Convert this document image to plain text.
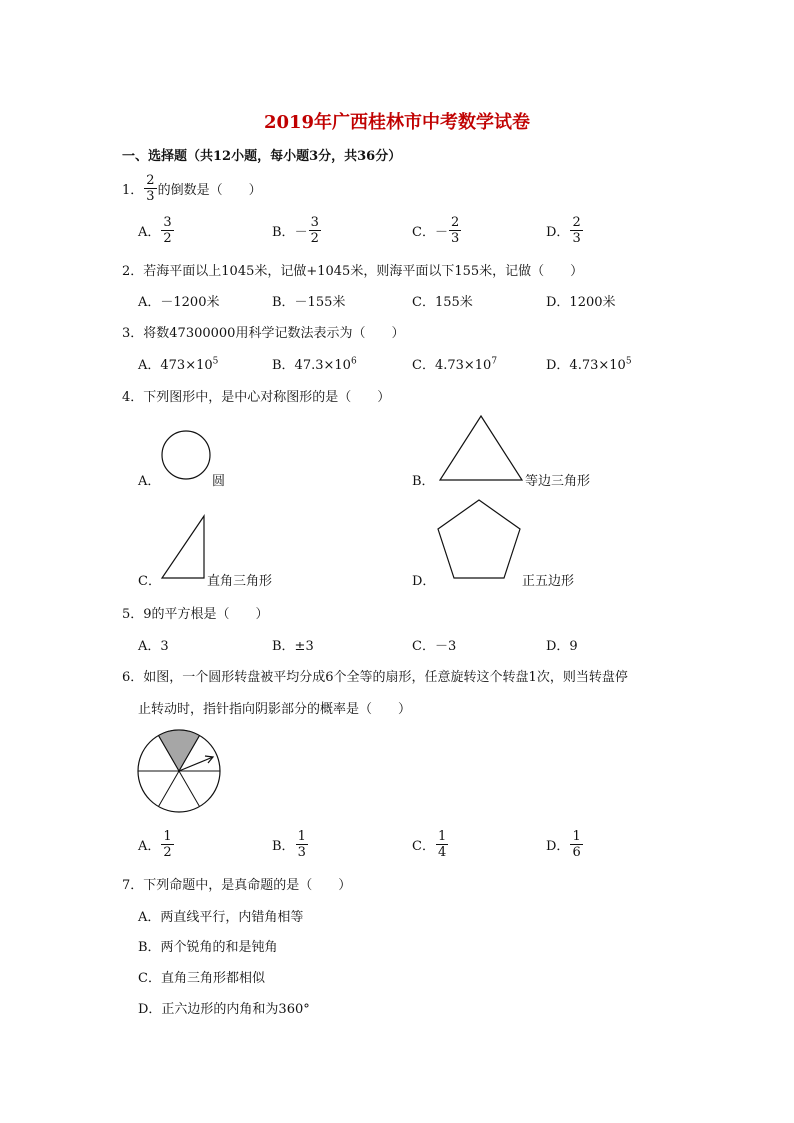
2019年广西桂林市中考数学试卷
一、选择题（共12小题，每小题3分，共36分）
1． $\frac{2}{3}$ 的倒数是（　　）
A． $\frac{3}{2}$	B． － $\frac{3}{2}$	C． － $\frac{2}{3}$	D． $\frac{2}{3}$
2．若海平面以上1045米，记做+1045米，则海平面以下155米，记做（　　）
A．－1200米	B．－155米	C．155米	D．1200米
3．将数47300000用科学记数法表示为（　　）
A．$473\times 10^5$	B．$47.3\times 10^6$	C．$4.73\times 10^7$	D．$4.73\times 10^5$
4．下列图形中，是中心对称图形的是（　　）
A．	圆	B．	等边三角形
C．	直角三角形	D．	正五边形
5．9的平方根是（　　）
A．3	B．±3	C．－3	D．9
6．如图，一个圆形转盘被平均分成6个全等的扇形，任意旋转这个转盘1次，则当转盘停
止转动时，指针指向阴影部分的概率是（　　）
A． $\frac{1}{2}$	B． $\frac{1}{3}$	C． $\frac{1}{4}$	D． $\frac{1}{6}$
7．下列命题中，是真命题的是（　　）
A．两直线平行，内错角相等
B．两个锐角的和是钝角
C．直角三角形都相似
D．正六边形的内角和为360°
